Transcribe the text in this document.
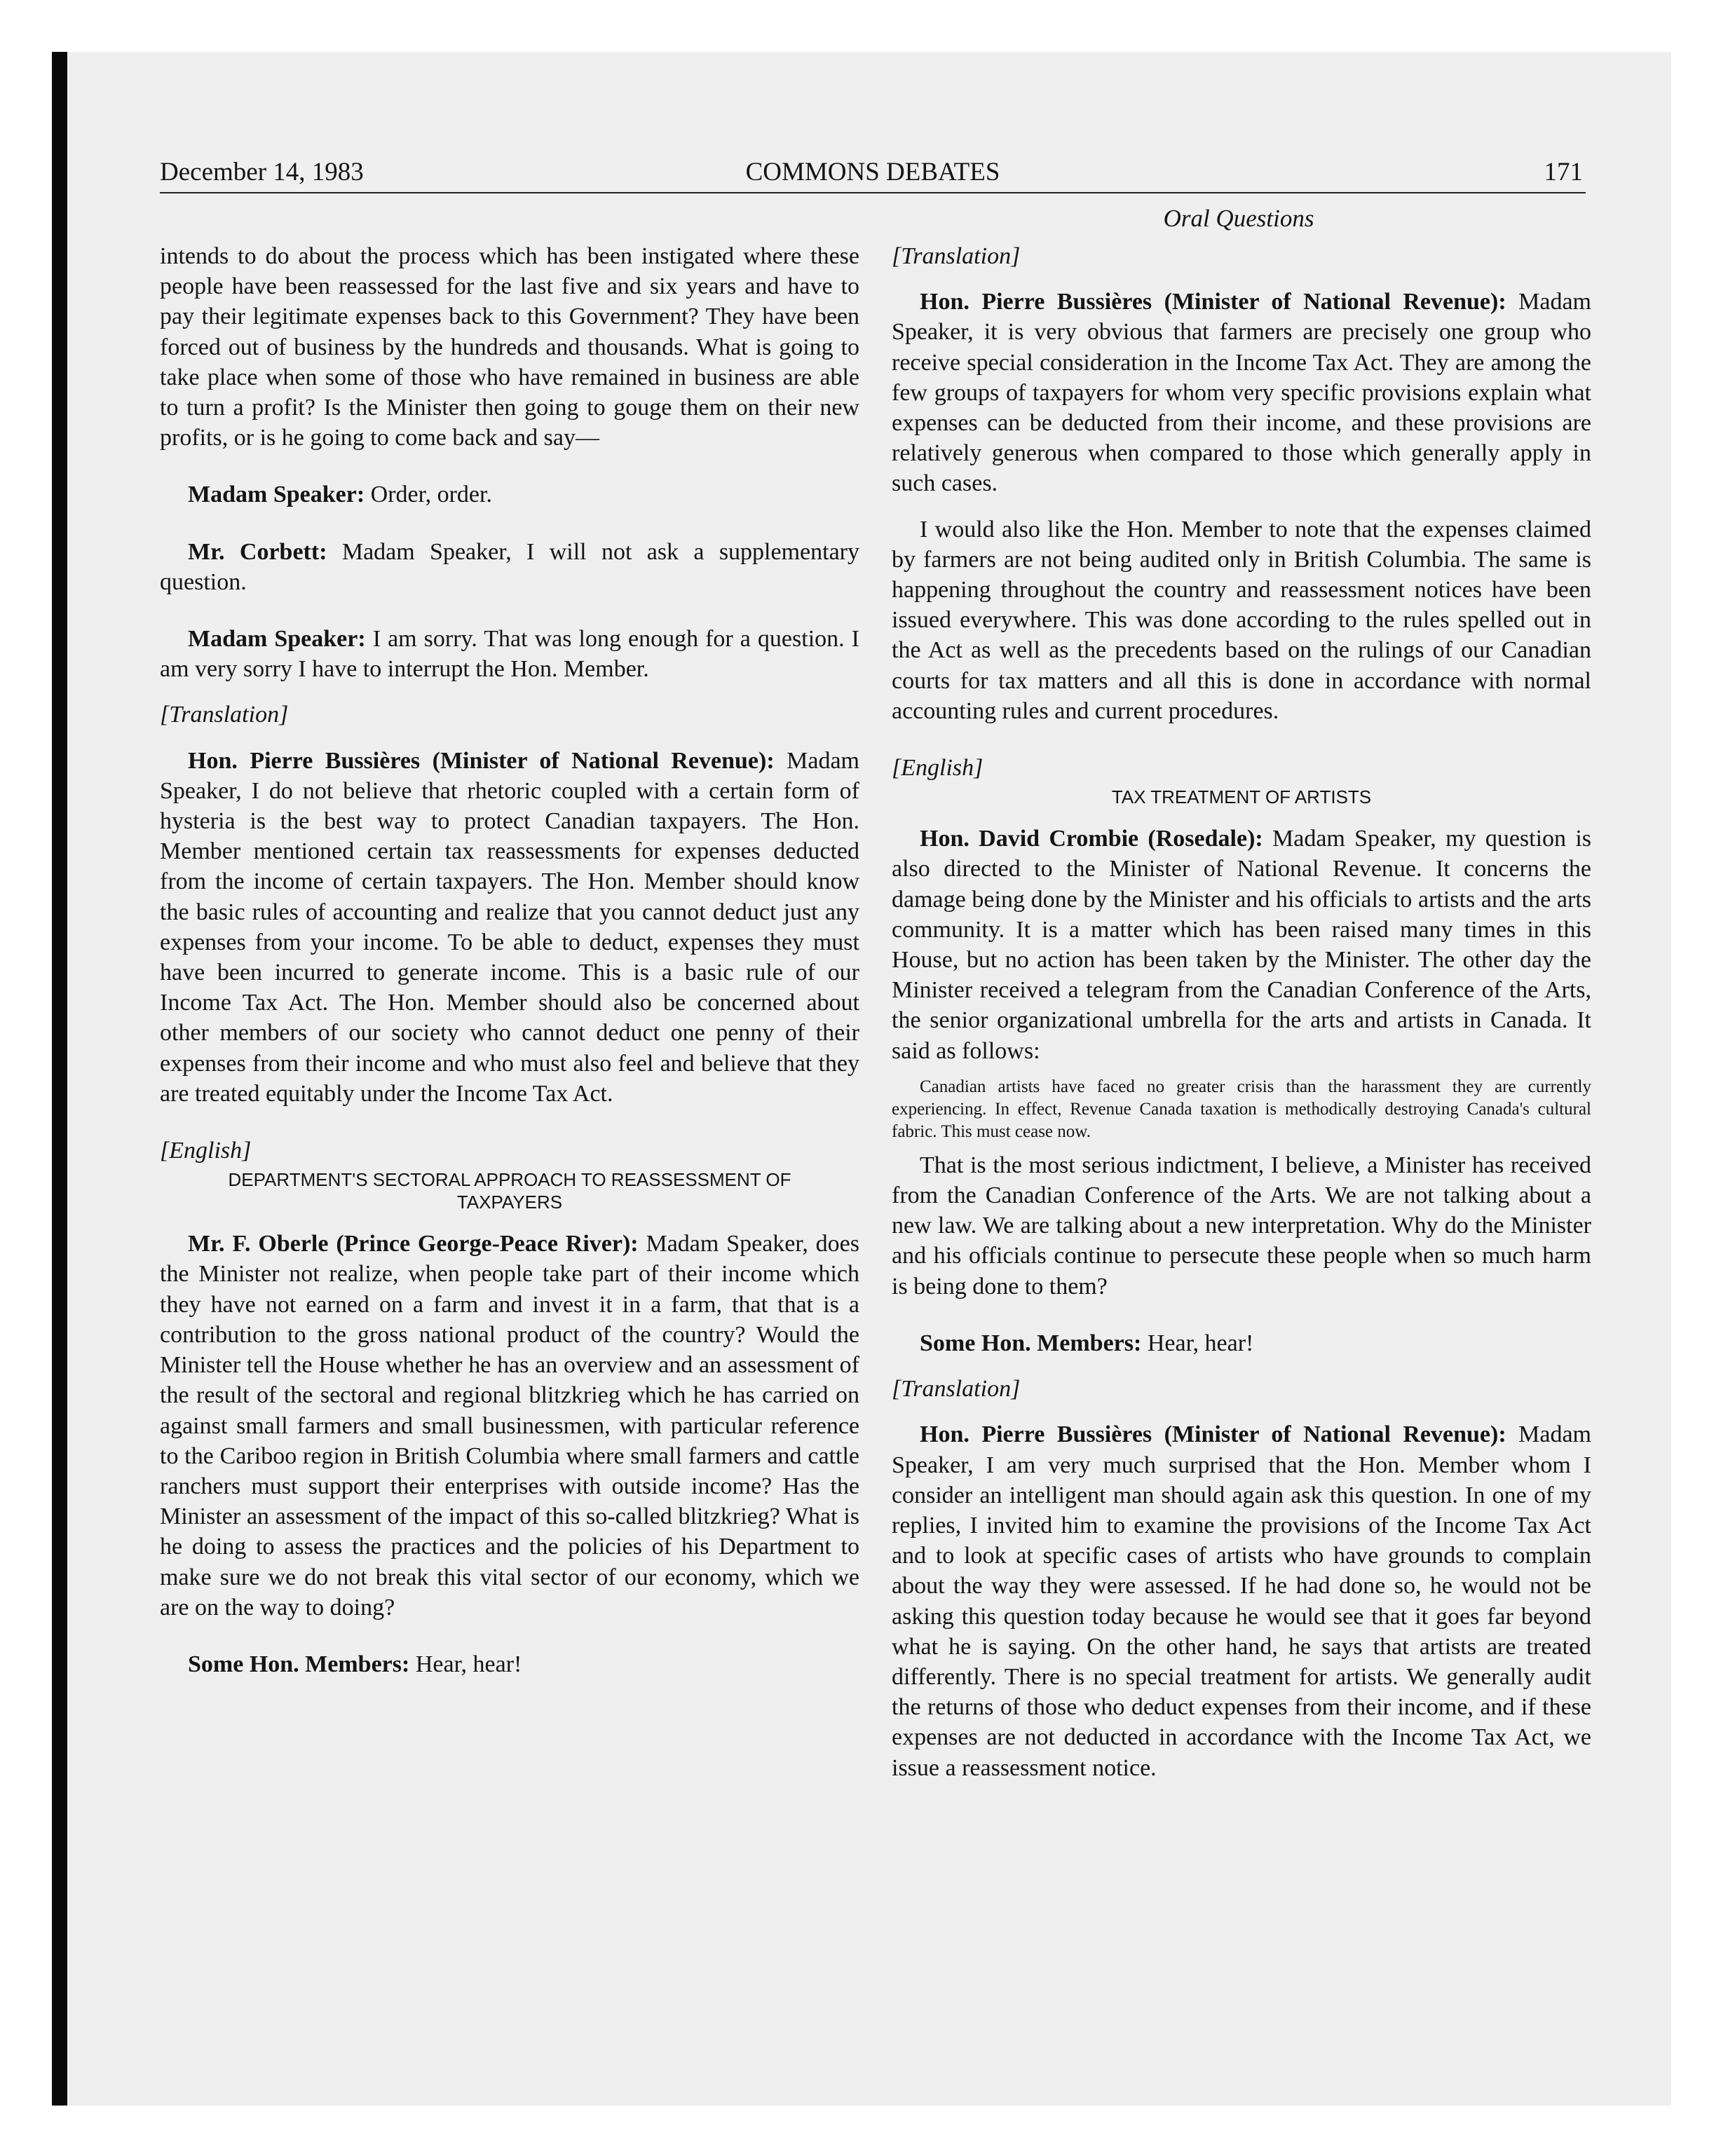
December 14, 1983	COMMONS DEBATES	171
Oral Questions

intends to do about the process which has been instigated where these people have been reassessed for the last five and six years and have to pay their legitimate expenses back to this Government? They have been forced out of business by the hundreds and thousands. What is going to take place when some of those who have remained in business are able to turn a profit? Is the Minister then going to gouge them on their new profits, or is he going to come back and say—

Madam Speaker: Order, order.

Mr. Corbett: Madam Speaker, I will not ask a supplementary question.

Madam Speaker: I am sorry. That was long enough for a question. I am very sorry I have to interrupt the Hon. Member.

[Translation]

Hon. Pierre Bussières (Minister of National Revenue): Madam Speaker, I do not believe that rhetoric coupled with a certain form of hysteria is the best way to protect Canadian taxpayers. The Hon. Member mentioned certain tax reassessments for expenses deducted from the income of certain taxpayers. The Hon. Member should know the basic rules of accounting and realize that you cannot deduct just any expenses from your income. To be able to deduct, expenses they must have been incurred to generate income. This is a basic rule of our Income Tax Act. The Hon. Member should also be concerned about other members of our society who cannot deduct one penny of their expenses from their income and who must also feel and believe that they are treated equitably under the Income Tax Act.

[English]

DEPARTMENT'S SECTORAL APPROACH TO REASSESSMENT OF TAXPAYERS

Mr. F. Oberle (Prince George-Peace River): Madam Speaker, does the Minister not realize, when people take part of their income which they have not earned on a farm and invest it in a farm, that that is a contribution to the gross national product of the country? Would the Minister tell the House whether he has an overview and an assessment of the result of the sectoral and regional blitzkrieg which he has carried on against small farmers and small businessmen, with particular reference to the Cariboo region in British Columbia where small farmers and cattle ranchers must support their enterprises with outside income? Has the Minister an assessment of the impact of this so-called blitzkrieg? What is he doing to assess the practices and the policies of his Department to make sure we do not break this vital sector of our economy, which we are on the way to doing?

Some Hon. Members: Hear, hear!

[Translation]

Hon. Pierre Bussières (Minister of National Revenue): Madam Speaker, it is very obvious that farmers are precisely one group who receive special consideration in the Income Tax Act. They are among the few groups of taxpayers for whom very specific provisions explain what expenses can be deducted from their income, and these provisions are relatively generous when compared to those which generally apply in such cases.

I would also like the Hon. Member to note that the expenses claimed by farmers are not being audited only in British Columbia. The same is happening throughout the country and reassessment notices have been issued everywhere. This was done according to the rules spelled out in the Act as well as the precedents based on the rulings of our Canadian courts for tax matters and all this is done in accordance with normal accounting rules and current procedures.

[English]

TAX TREATMENT OF ARTISTS

Hon. David Crombie (Rosedale): Madam Speaker, my question is also directed to the Minister of National Revenue. It concerns the damage being done by the Minister and his officials to artists and the arts community. It is a matter which has been raised many times in this House, but no action has been taken by the Minister. The other day the Minister received a telegram from the Canadian Conference of the Arts, the senior organizational umbrella for the arts and artists in Canada. It said as follows:

Canadian artists have faced no greater crisis than the harassment they are currently experiencing. In effect, Revenue Canada taxation is methodically destroying Canada's cultural fabric. This must cease now.

That is the most serious indictment, I believe, a Minister has received from the Canadian Conference of the Arts. We are not talking about a new law. We are talking about a new interpretation. Why do the Minister and his officials continue to persecute these people when so much harm is being done to them?

Some Hon. Members: Hear, hear!

[Translation]

Hon. Pierre Bussières (Minister of National Revenue): Madam Speaker, I am very much surprised that the Hon. Member whom I consider an intelligent man should again ask this question. In one of my replies, I invited him to examine the provisions of the Income Tax Act and to look at specific cases of artists who have grounds to complain about the way they were assessed. If he had done so, he would not be asking this question today because he would see that it goes far beyond what he is saying. On the other hand, he says that artists are treated differently. There is no special treatment for artists. We generally audit the returns of those who deduct expenses from their income, and if these expenses are not deducted in accordance with the Income Tax Act, we issue a reassessment notice.
